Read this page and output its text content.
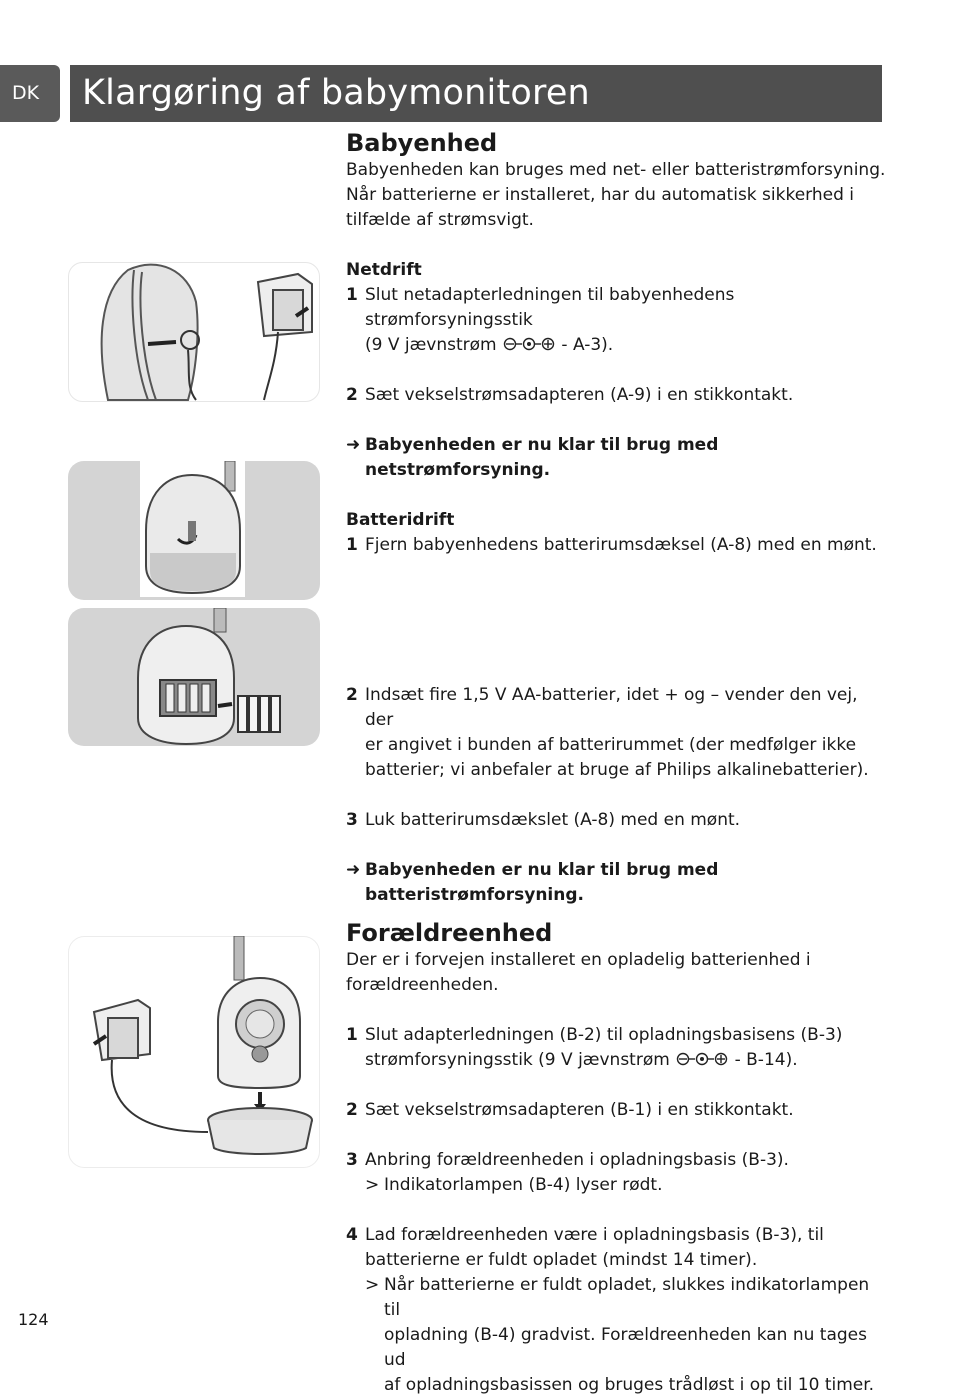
DK Klargøring af babymonitoren
Babyenhed

Babyenheden kan bruges med net- eller batteristrømforsyning.

Når batterierne er installeret, har du automatisk sikkerhed i

tilfælde af strømsvigt.

Netdrift

1 Slut netadapterledningen til babyenhedens strømforsyningsstik

(9 V jævnstrøm	- A-3).

2 Sæt vekselstrømsadapteren (A-9) i en stikkontakt.

➜ Babyenheden er nu klar til brug med netstrømforsyning.

Batteridrift

1 Fjern babyenhedens batterirumsdæksel (A-8) med en mønt.

2 Indsæt fire 1,5 V AA-batterier, idet + og – vender den vej, der

er angivet i bunden af batterirummet (der medfølger ikke

batterier; vi anbefaler at bruge af Philips alkalinebatterier).

3 Luk batterirumsdækslet (A-8) med en mønt.

➜ Babyenheden er nu klar til brug med

batteristrømforsyning.

Forældreenhed

Der er i forvejen installeret en opladelig batterienhed i

forældreenheden.

1 Slut adapterledningen (B-2) til opladningsbasisens (B-3)

strømforsyningsstik (9 V jævnstrøm	- B-14).

2 Sæt vekselstrømsadapteren (B-1) i en stikkontakt.

3 Anbring forældreenheden i opladningsbasis (B-3).

> Indikatorlampen (B-4) lyser rødt.

4 Lad forældreenheden være i opladningsbasis (B-3), til

batterierne er fuldt opladet (mindst 14 timer).

> Når batterierne er fuldt opladet, slukkes indikatorlampen til

opladning (B-4) gradvist. Forældreenheden kan nu tages ud

af opladningsbasissen og bruges trådløst i op til 10 timer.

124
